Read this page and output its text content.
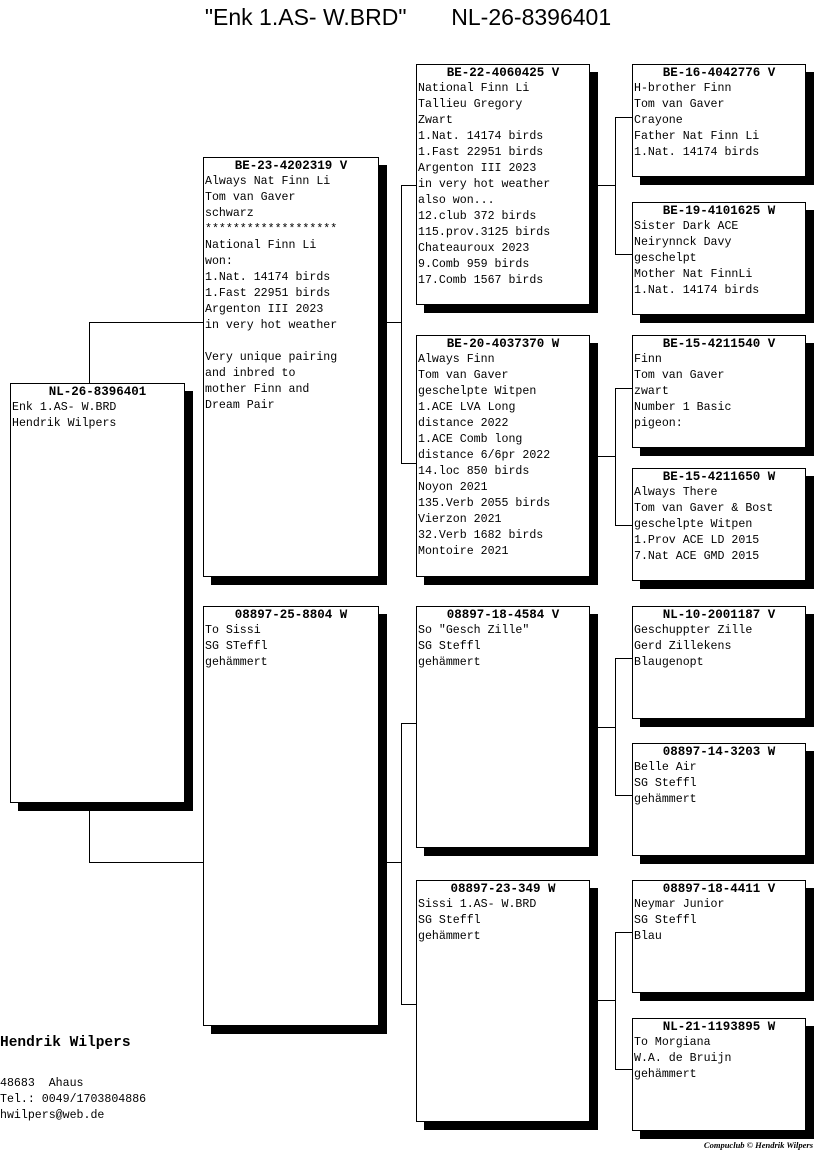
"Enk 1.AS- W.BRD" NL-26-8396401
NL-26-8396401
Enk 1.AS- W.BRD
Hendrik Wilpers
BE-23-4202319 V
Always Nat Finn Li
Tom van Gaver
schwarz
*******************
National Finn Li
won:
1.Nat. 14174 birds
1.Fast 22951 birds
Argenton III 2023
in very hot weather

Very unique pairing
and inbred to
mother Finn and
Dream Pair
08897-25-8804 W
To Sissi
SG STeffl
gehämmert
BE-22-4060425 V
National Finn Li
Tallieu Gregory
Zwart
1.Nat. 14174 birds
1.Fast 22951 birds
Argenton III 2023
in very hot weather
also won...
12.club 372 birds
115.prov.3125 birds
Chateauroux 2023
9.Comb 959 birds
17.Comb 1567 birds
BE-20-4037370 W
Always Finn
Tom van Gaver
geschelpte Witpen
1.ACE LVA Long
distance 2022
1.ACE Comb long
distance 6/6pr 2022
14.loc 850 birds
Noyon 2021
135.Verb 2055 birds
Vierzon 2021
32.Verb 1682 birds
Montoire 2021
08897-18-4584 V
So "Gesch Zille"
SG Steffl
gehämmert
08897-23-349 W
Sissi 1.AS- W.BRD
SG Steffl
gehämmert
BE-16-4042776 V
H-brother Finn
Tom van Gaver
Crayone
Father Nat Finn Li
1.Nat. 14174 birds
BE-19-4101625 W
Sister Dark ACE
Neirynnck Davy
geschelpt
Mother Nat FinnLi
1.Nat. 14174 birds
BE-15-4211540 V
Finn
Tom van Gaver
zwart
Number 1 Basic
pigeon:
BE-15-4211650 W
Always There
Tom van Gaver & Bost
geschelpte Witpen
1.Prov ACE LD 2015
7.Nat ACE GMD 2015
NL-10-2001187 V
Geschuppter Zille
Gerd Zillekens
Blaugenopt
08897-14-3203 W
Belle Air
SG Steffl
gehämmert
08897-18-4411 V
Neymar Junior
SG Steffl
Blau
NL-21-1193895 W
To Morgiana
W.A. de Bruijn
gehämmert
Hendrik Wilpers
48683  Ahaus
Tel.: 0049/1703804886
hwilpers@web.de
Compuclub © Hendrik Wilpers
